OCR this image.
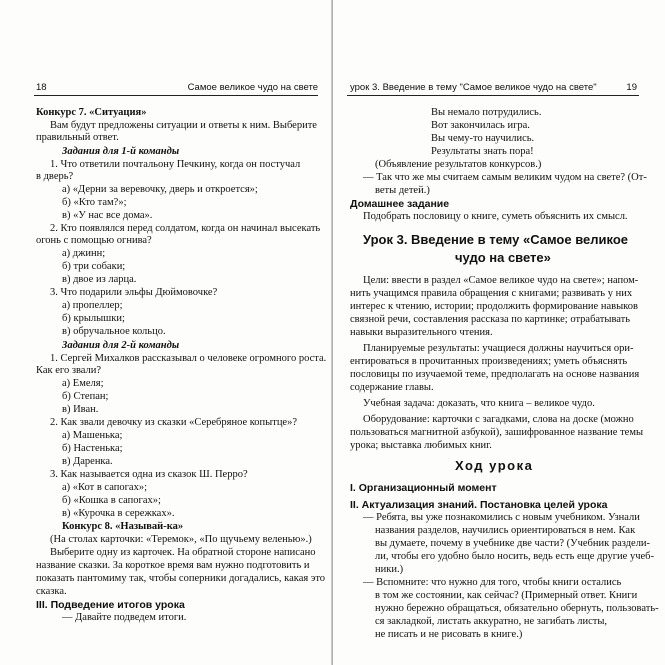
18	Самое великое чудо на свете
Конкурс 7. «Ситуация»
Вам будут предложены ситуации и ответы к ним. Выберите
правильный ответ.
Задания для 1-й команды
1. Что ответили почтальону Печкину, когда он постучал
в дверь?
а) «Дерни за веревочку, дверь и откроется»;
б) «Кто там?»;
в) «У нас все дома».
2. Кто появлялся перед солдатом, когда он начинал высекать
огонь с помощью огнива?
а) джинн;
б) три собаки;
в) двое из ларца.
3. Что подарили эльфы Дюймовочке?
а) пропеллер;
б) крылышки;
в) обручальное кольцо.
Задания для 2-й команды
1. Сергей Михалков рассказывал о человеке огромного роста.
Как его звали?
а) Емеля;
б) Степан;
в) Иван.
2. Как звали девочку из сказки «Серебряное копытце»?
а) Машенька;
б) Настенька;
в) Даренка.
3. Как называется одна из сказок Ш. Перро?
а) «Кот в сапогах»;
б) «Кошка в сапогах»;
в) «Курочка в сережках».
Конкурс 8. «Называй-ка»
(На столах карточки: «Теремок», «По щучьему веленью».)
Выберите одну из карточек. На обратной стороне написано
название сказки. За короткое время вам нужно подготовить и
показать пантомиму так, чтобы соперники догадались, какая это
сказка.
III. Подведение итогов урока
— Давайте подведем итоги.
урок 3. Введение в тему "Самое великое чудо на свете"	19
Вы немало потрудились.
Вот закончилась игра.
Вы чему-то научились.
Результаты знать пора!
(Объявление результатов конкурсов.)
— Так что же мы считаем самым великим чудом на свете? (От-
веты детей.)
Домашнее задание
Подобрать пословицу о книге, суметь объяснить их смысл.
Урок 3. Введение в тему «Самое великое
чудо на свете»
Цели: ввести в раздел «Самое великое чудо на свете»; напом-
нить учащимся правила обращения с книгами; развивать у них
интерес к чтению, истории; продолжить формирование навыков
связной речи, составления рассказа по картинке; отрабатывать
навыки выразительного чтения.
Планируемые результаты: учащиеся должны научиться ори-
ентироваться в прочитанных произведениях; уметь объяснять
пословицы по изучаемой теме, предполагать на основе названия
содержание главы.
Учебная задача: доказать, что книга – великое чудо.
Оборудование: карточки с загадками, слова на доске (можно
пользоваться магнитной азбукой), зашифрованное название темы
урока; выставка любимых книг.
Ход урока
I. Организационный момент
II. Актуализация знаний. Постановка целей урока
— Ребята, вы уже познакомились с новым учебником. Узнали
названия разделов, научились ориентироваться в нем. Как
вы думаете, почему в учебнике две части? (Учебник раздели-
ли, чтобы его удобно было носить, ведь есть еще другие учеб-
ники.)
— Вспомните: что нужно для того, чтобы книги остались
в том же состоянии, как сейчас? (Примерный ответ. Книги
нужно бережно обращаться, обязательно обернуть, пользовать-
ся закладкой, листать аккуратно, не загибать листы,
не писать и не рисовать в книге.)
